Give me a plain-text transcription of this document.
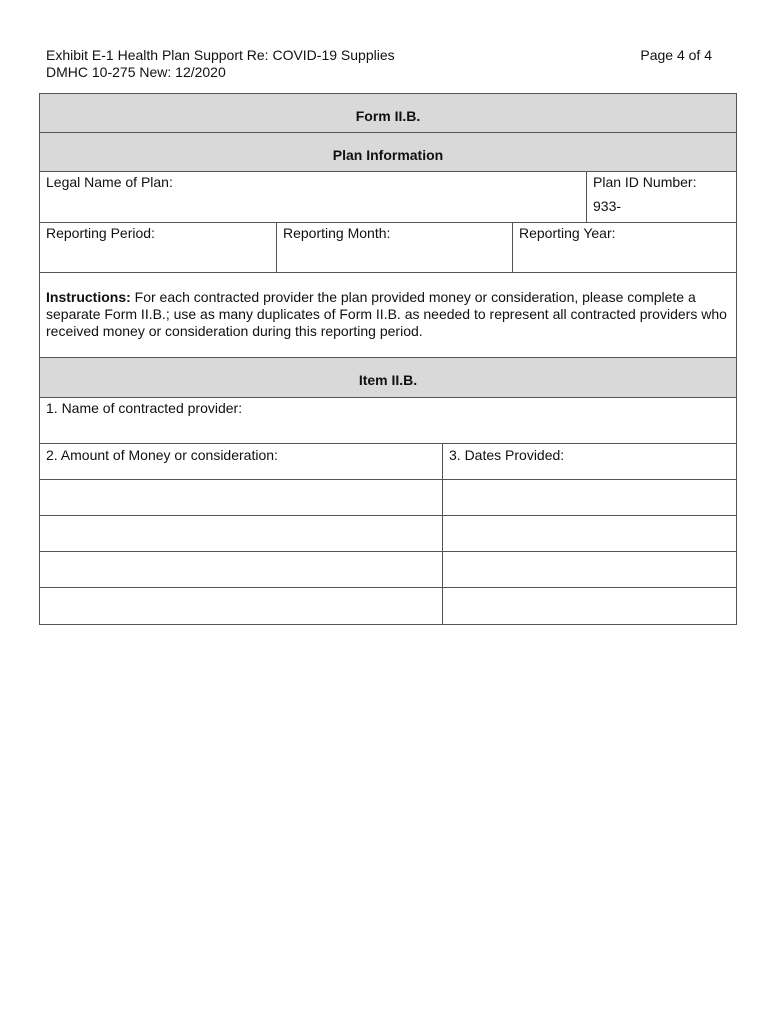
Exhibit E-1 Health Plan Support Re: COVID-19 Supplies	Page 4 of 4
DMHC 10-275 New: 12/2020
Form II.B.
Plan Information
Legal Name of Plan:	Plan ID Number:
933-
Reporting Period:	Reporting Month:	Reporting Year:
Instructions: For each contracted provider the plan provided money or consideration, please complete a separate Form II.B.; use as many duplicates of Form II.B. as needed to represent all contracted providers who received money or consideration during this reporting period.
Item II.B.
1. Name of contracted provider:
2. Amount of Money or consideration:	3. Dates Provided:
